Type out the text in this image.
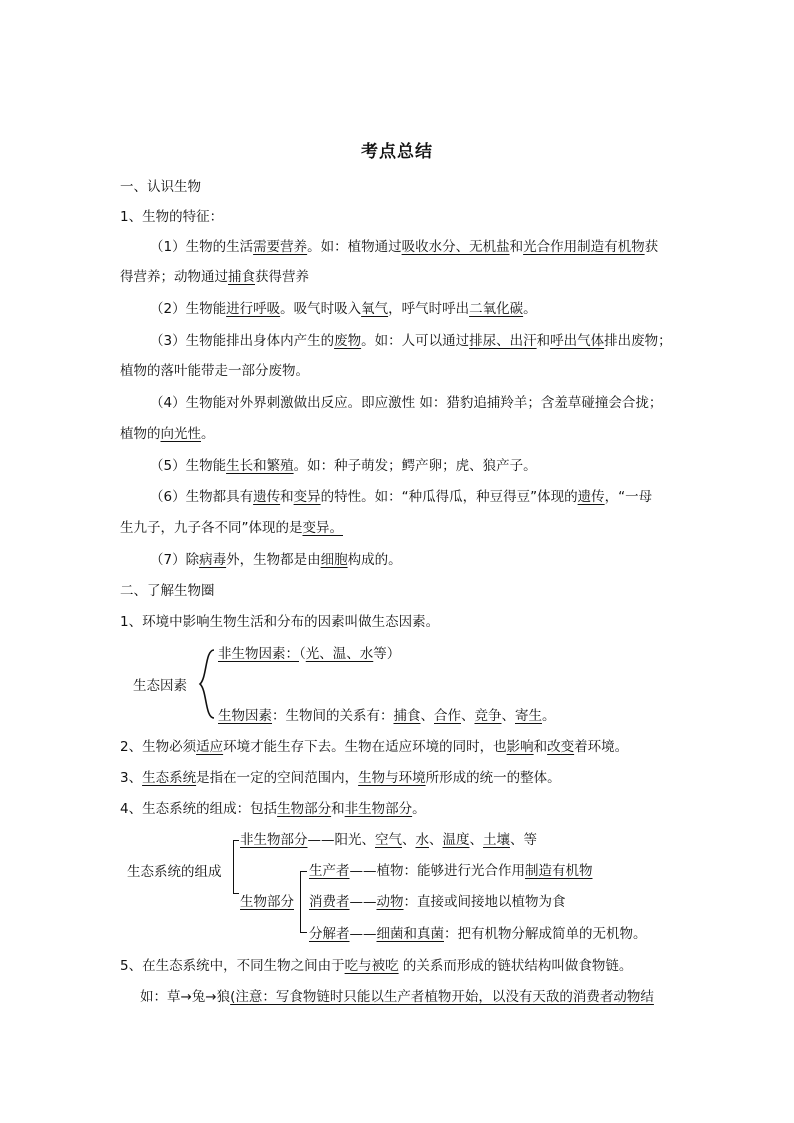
考点总结
一、认识生物
1、生物的特征：
（1）生物的生活需要营养。如：植物通过吸收水分、无机盐和光合作用制造有机物获
得营养；动物通过捕食获得营养
（2）生物能进行呼吸。吸气时吸入氧气，呼气时呼出二氧化碳。
（3）生物能排出身体内产生的废物。如：人可以通过排尿、出汗和呼出气体排出废物；
植物的落叶能带走一部分废物。
（4）生物能对外界刺激做出反应。即应激性 如：猎豹追捕羚羊；含羞草碰撞会合拢；
植物的向光性。
（5）生物能生长和繁殖。如：种子萌发；鳄产卵；虎、狼产子。
（6）生物都具有遗传和变异的特性。如：“种瓜得瓜，种豆得豆”体现的遗传，“一母
生九子，九子各不同”体现的是变异。
（7）除病毒外，生物都是由细胞构成的。
二、了解生物圈
1、环境中影响生物生活和分布的因素叫做生态因素。
生态因素
非生物因素：（光、温、水等）
生物因素：生物间的关系有：捕食、合作、竞争、寄生。
2、生物必须适应环境才能生存下去。生物在适应环境的同时，也影响和改变着环境。
3、生态系统是指在一定的空间范围内，生物与环境所形成的统一的整体。
4、生态系统的组成：包括生物部分和非生物部分。
生态系统的组成
非生物部分——阳光、空气、水、温度、土壤、等
生物部分
生产者——植物：能够进行光合作用制造有机物
消费者——动物：直接或间接地以植物为食
分解者——细菌和真菌：把有机物分解成简单的无机物。
5、在生态系统中，不同生物之间由于吃与被吃 的关系而形成的链状结构叫做食物链。
如：草→兔→狼(注意：写食物链时只能以生产者植物开始，以没有天敌的消费者动物结
